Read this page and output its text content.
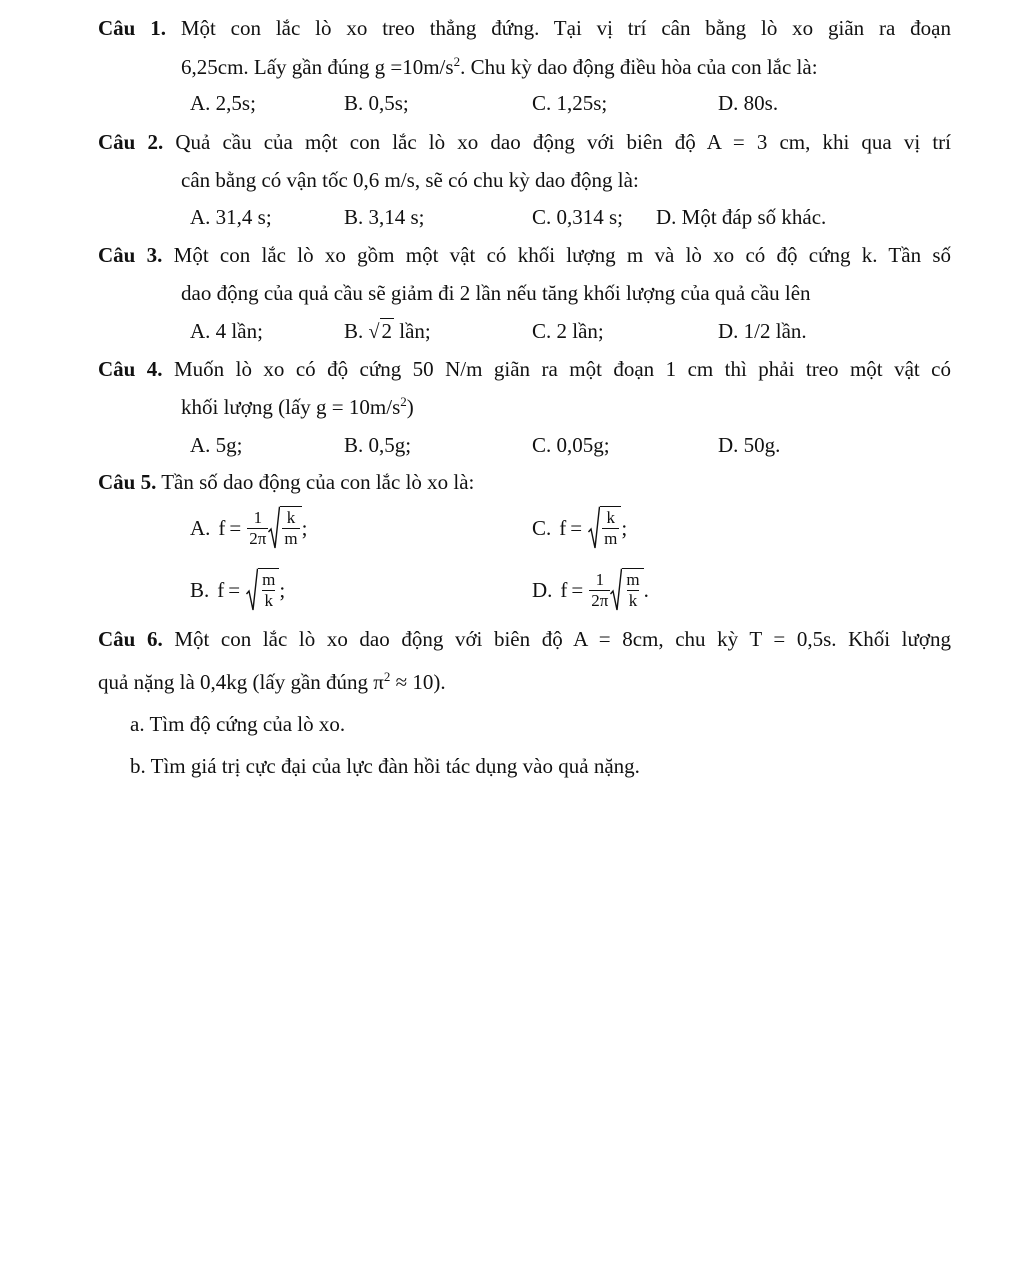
Câu 1. Một con lắc lò xo treo thẳng đứng. Tại vị trí cân bằng lò xo giãn ra đoạn
6,25cm. Lấy gần đúng $g =10m/s^2$. Chu kỳ dao động điều hòa của con lắc là:
A. 2,5s;	B. 0,5s;	C. 1,25s;	D. 80s.
Câu 2. Quả cầu của một con lắc lò xo dao động với biên độ A = 3 cm, khi qua vị trí
cân bằng có vận tốc 0,6 m/s, sẽ có chu kỳ dao động là:
A. 31,4 s;	B. 3,14 s;	C. 0,314 s; D. Một đáp số khác.
Câu 3. Một con lắc lò xo gồm một vật có khối lượng m và lò xo có độ cứng k. Tần số
dao động của quả cầu sẽ giảm đi 2 lần nếu tăng khối lượng của quả cầu lên
A. 4 lần;	B. √2 lần;	C. 2 lần;	D. 1/2 lần.
Câu 4. Muốn lò xo có độ cứng 50 N/m giãn ra một đoạn 1 cm thì phải treo một vật có
khối lượng (lấy $g = 10m/s^2$)
A. 5g;	B. 0,5g;	C. 0,05g;	D. 50g.
Câu 5. Tần số dao động của con lắc lò xo là:
A. $f = \frac{1}{2\pi} \frac{k}{m}$ ;	C. $f = \frac{k}{m}$ ;
B. $f = \frac{m}{k}$ ;	D. $f = \frac{1}{2\pi} \frac{m}{k}$ .
Câu 6. Một con lắc lò xo dao động với biên độ A = 8cm, chu kỳ T = 0,5s. Khối lượng
quả nặng là 0,4kg (lấy gần đúng $\pi^2 \approx 10$).
a. Tìm độ cứng của lò xo.
b. Tìm giá trị cực đại của lực đàn hồi tác dụng vào quả nặng.
